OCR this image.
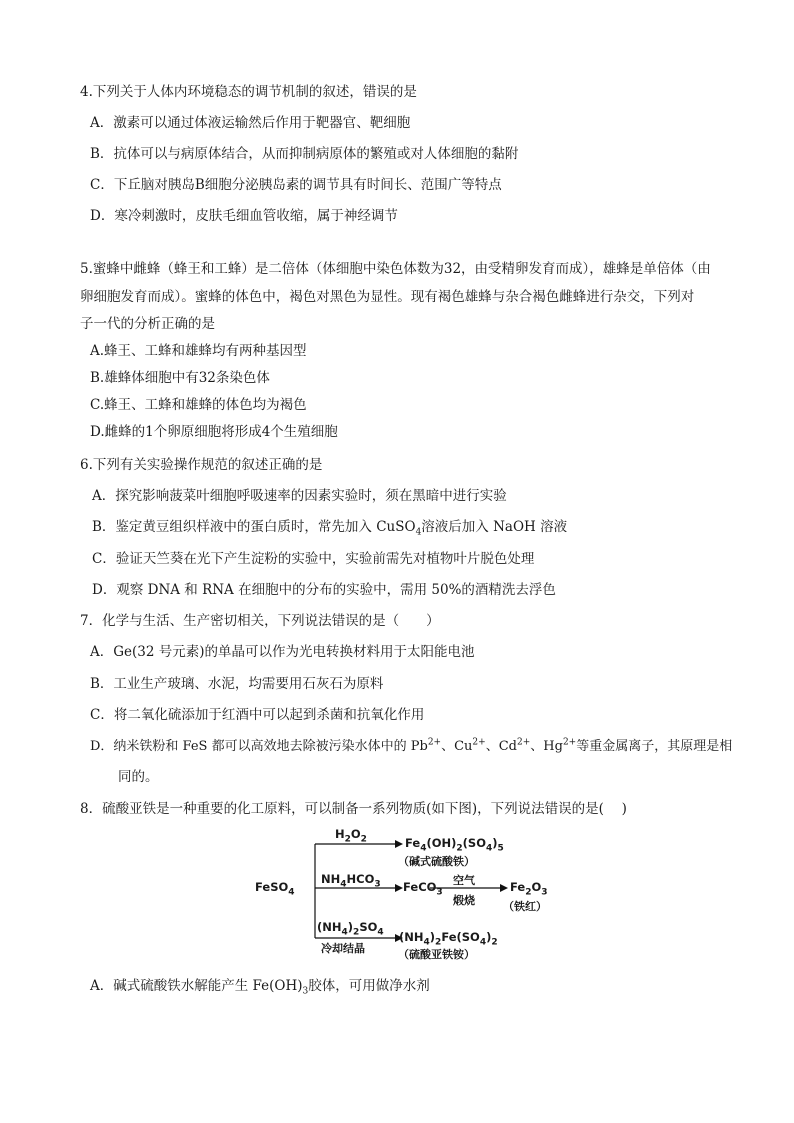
4.下列关于人体内环境稳态的调节机制的叙述，错误的是
A．激素可以通过体液运输然后作用于靶器官、靶细胞
B．抗体可以与病原体结合，从而抑制病原体的繁殖或对人体细胞的黏附
C．下丘脑对胰岛B细胞分泌胰岛素的调节具有时间长、范围广等特点
D．寒冷刺激时，皮肤毛细血管收缩，属于神经调节
5.蜜蜂中雌蜂（蜂王和工蜂）是二倍体（体细胞中染色体数为32，由受精卵发育而成），雄蜂是单倍体（由
卵细胞发育而成）。蜜蜂的体色中，褐色对黑色为显性。现有褐色雄蜂与杂合褐色雌蜂进行杂交，下列对
子一代的分析正确的是
A.蜂王、工蜂和雄蜂均有两种基因型
B.雄蜂体细胞中有32条染色体
C.蜂王、工蜂和雄蜂的体色均为褐色
D.雌蜂的1个卵原细胞将形成4个生殖细胞
6.下列有关实验操作规范的叙述正确的是
A．探究影响菠菜叶细胞呼吸速率的因素实验时，须在黑暗中进行实验
B．鉴定黄豆组织样液中的蛋白质时，常先加入 CuSO$_4$溶液后加入 NaOH 溶液
C．验证天竺葵在光下产生淀粉的实验中，实验前需先对植物叶片脱色处理
D．观察 DNA 和 RNA 在细胞中的分布的实验中，需用 50%的酒精洗去浮色
7．化学与生活、生产密切相关，下列说法错误的是（　　）
A．Ge(32 号元素)的单晶可以作为光电转换材料用于太阳能电池
B．工业生产玻璃、水泥，均需要用石灰石为原料
C．将二氧化硫添加于红酒中可以起到杀菌和抗氧化作用
D．纳米铁粉和 FeS 都可以高效地去除被污染水体中的 $Pb^{2+}$、$Cu^{2+}$、$Cd^{2+}$、$Hg^{2+}$等重金属离子，其原理是相
同的。
8．硫酸亚铁是一种重要的化工原料，可以制备一系列物质(如下图)，下列说法错误的是(　 )
FeSO$_4$
$H_2O_2$	$Fe_4(OH)_2(SO_4)_5$
（碱式硫酸铁）
$NH_4HCO_3$ FeCO$_3$
空气
煅烧
$Fe_2O_3$
（铁红）
$(NH_4)_2SO_4$
冷却结晶
$(NH_4)_2Fe(SO_4)_2$
（硫酸亚铁铵）
A．碱式硫酸铁水解能产生 $Fe(OH)_3$胶体，可用做净水剂
